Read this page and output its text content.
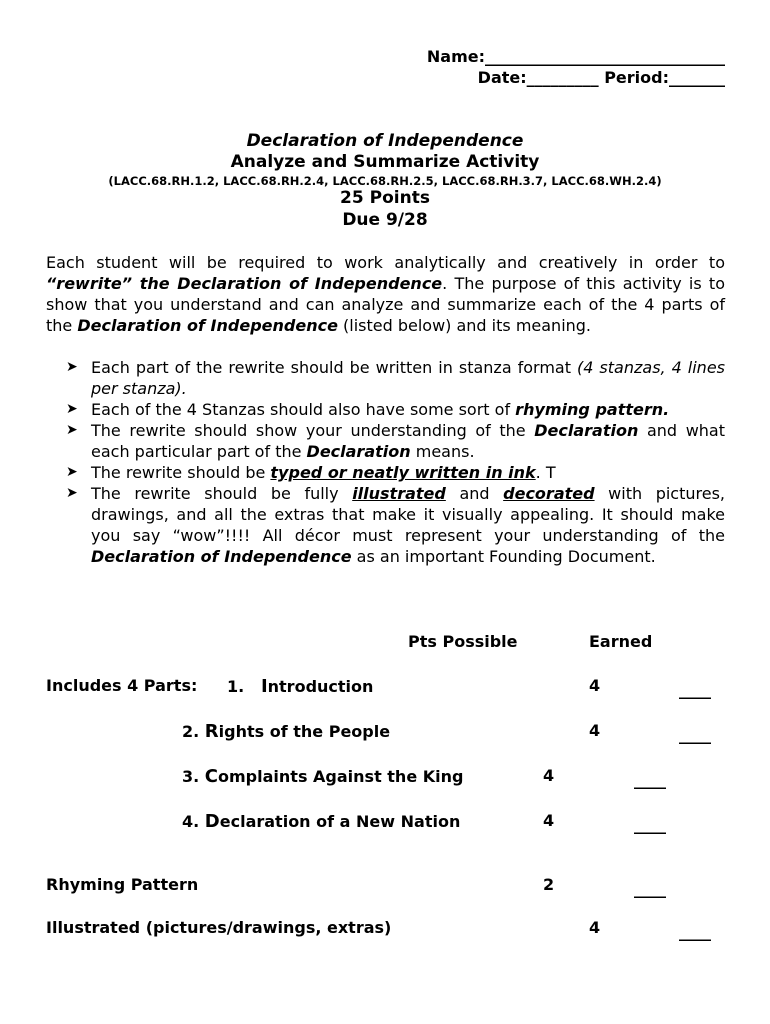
Name:______________________________
Date:_________ Period:_______
Declaration of Independence
Analyze and Summarize Activity
(LACC.68.RH.1.2, LACC.68.RH.2.4, LACC.68.RH.2.5, LACC.68.RH.3.7, LACC.68.WH.2.4)
25 Points
Due 9/28
Each student will be required to work analytically and creatively in order to “rewrite” the Declaration of Independence. The purpose of this activity is to show that you understand and can analyze and summarize each of the 4 parts of the Declaration of Independence (listed below) and its meaning.
➤ Each part of the rewrite should be written in stanza format (4 stanzas, 4 lines per stanza).
➤ Each of the 4 Stanzas should also have some sort of rhyming pattern.
➤ The rewrite should show your understanding of the Declaration and what each particular part of the Declaration means.
➤ The rewrite should be typed or neatly written in ink. T
➤ The rewrite should be fully illustrated and decorated with pictures, drawings, and all the extras that make it visually appealing. It should make you say “wow”!!!! All décor must represent your understanding of the Declaration of Independence as an important Founding Document.
Pts Possible	Earned
Includes 4 Parts: 1. Introduction	4	____
2. Rights of the People	4	____
3. Complaints Against the King	4	____
4. Declaration of a New Nation	4	____
Rhyming Pattern	2	____
Illustrated (pictures/drawings, extras)	4	____
